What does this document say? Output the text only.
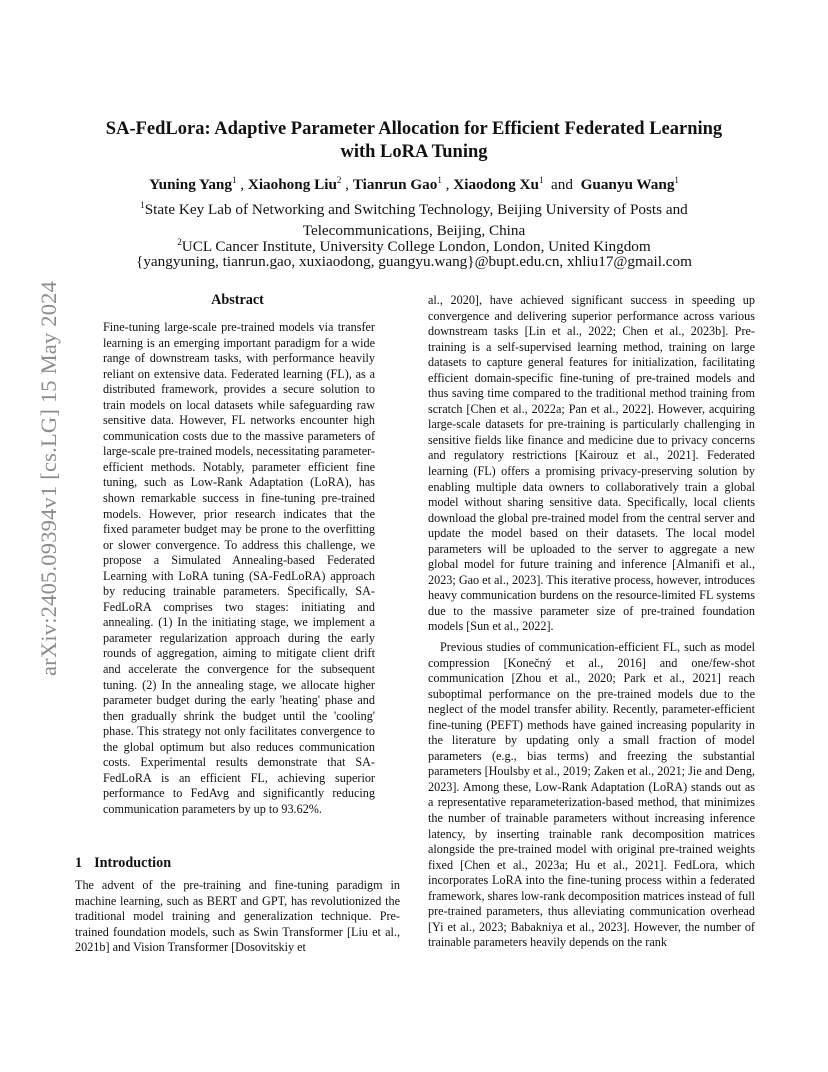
arXiv:2405.09394v1 [cs.LG] 15 May 2024
SA-FedLora: Adaptive Parameter Allocation for Efficient Federated Learning
with LoRA Tuning
Yuning Yang$^1$ , Xiaohong Liu$^2$ , Tianrun Gao$^1$ , Xiaodong Xu$^1$ and Guanyu Wang$^1$
$^1$State Key Lab of Networking and Switching Technology, Beijing University of Posts and
Telecommunications, Beijing, China
$^2$UCL Cancer Institute, University College London, London, United Kingdom
{yangyuning, tianrun.gao, xuxiaodong, guangyu.wang}@bupt.edu.cn, xhliu17@gmail.com
Abstract

Fine-tuning large-scale pre-trained models via transfer learning is an emerging important paradigm for a wide range of downstream tasks, with performance heavily reliant on extensive data. Federated learning (FL), as a distributed framework, provides a secure solution to train models on local datasets while safeguarding raw sensitive data. However, FL networks encounter high communication costs due to the massive parameters of large-scale pre-trained models, necessitating parameter-efficient methods. Notably, parameter efficient fine tuning, such as Low-Rank Adaptation (LoRA), has shown remarkable success in fine-tuning pre-trained models. However, prior research indicates that the fixed parameter budget may be prone to the overfitting or slower convergence. To address this challenge, we propose a Simulated Annealing-based Federated Learning with LoRA tuning (SA-FedLoRA) approach by reducing trainable parameters. Specifically, SA-FedLoRA comprises two stages: initiating and annealing. (1) In the initiating stage, we implement a parameter regularization approach during the early rounds of aggregation, aiming to mitigate client drift and accelerate the convergence for the subsequent tuning. (2) In the annealing stage, we allocate higher parameter budget during the early 'heating' phase and then gradually shrink the budget until the 'cooling' phase. This strategy not only facilitates convergence to the global optimum but also reduces communication costs. Experimental results demonstrate that SA-FedLoRA is an efficient FL, achieving superior performance to FedAvg and significantly reducing communication parameters by up to 93.62%.

1 Introduction

The advent of the pre-training and fine-tuning paradigm in machine learning, such as BERT and GPT, has revolutionized the traditional model training and generalization technique. Pre-trained foundation models, such as Swin Transformer [Liu et al., 2021b] and Vision Transformer [Dosovitskiy et

al., 2020], have achieved significant success in speeding up convergence and delivering superior performance across various downstream tasks [Lin et al., 2022; Chen et al., 2023b]. Pre-training is a self-supervised learning method, training on large datasets to capture general features for initialization, facilitating efficient domain-specific fine-tuning of pre-trained models and thus saving time compared to the traditional method training from scratch [Chen et al., 2022a; Pan et al., 2022]. However, acquiring large-scale datasets for pre-training is particularly challenging in sensitive fields like finance and medicine due to privacy concerns and regulatory restrictions [Kairouz et al., 2021]. Federated learning (FL) offers a promising privacy-preserving solution by enabling multiple data owners to collaboratively train a global model without sharing sensitive data. Specifically, local clients download the global pre-trained model from the central server and update the model based on their datasets. The local model parameters will be uploaded to the server to aggregate a new global model for future training and inference [Almanifi et al., 2023; Gao et al., 2023]. This iterative process, however, introduces heavy communication burdens on the resource-limited FL systems due to the massive parameter size of pre-trained foundation models [Sun et al., 2022].

Previous studies of communication-efficient FL, such as model compression [Konečný et al., 2016] and one/few-shot communication [Zhou et al., 2020; Park et al., 2021] reach suboptimal performance on the pre-trained models due to the neglect of the model transfer ability. Recently, parameter-efficient fine-tuning (PEFT) methods have gained increasing popularity in the literature by updating only a small fraction of model parameters (e.g., bias terms) and freezing the substantial parameters [Houlsby et al., 2019; Zaken et al., 2021; Jie and Deng, 2023]. Among these, Low-Rank Adaptation (LoRA) stands out as a representative reparameterization-based method, that minimizes the number of trainable parameters without increasing inference latency, by inserting trainable rank decomposition matrices alongside the pre-trained model with original pre-trained weights fixed [Chen et al., 2023a; Hu et al., 2021]. FedLora, which incorporates LoRA into the fine-tuning process within a federated framework, shares low-rank decomposition matrices instead of full pre-trained parameters, thus alleviating communication overhead [Yi et al., 2023; Babakniya et al., 2023]. However, the number of trainable parameters heavily depends on the rank
